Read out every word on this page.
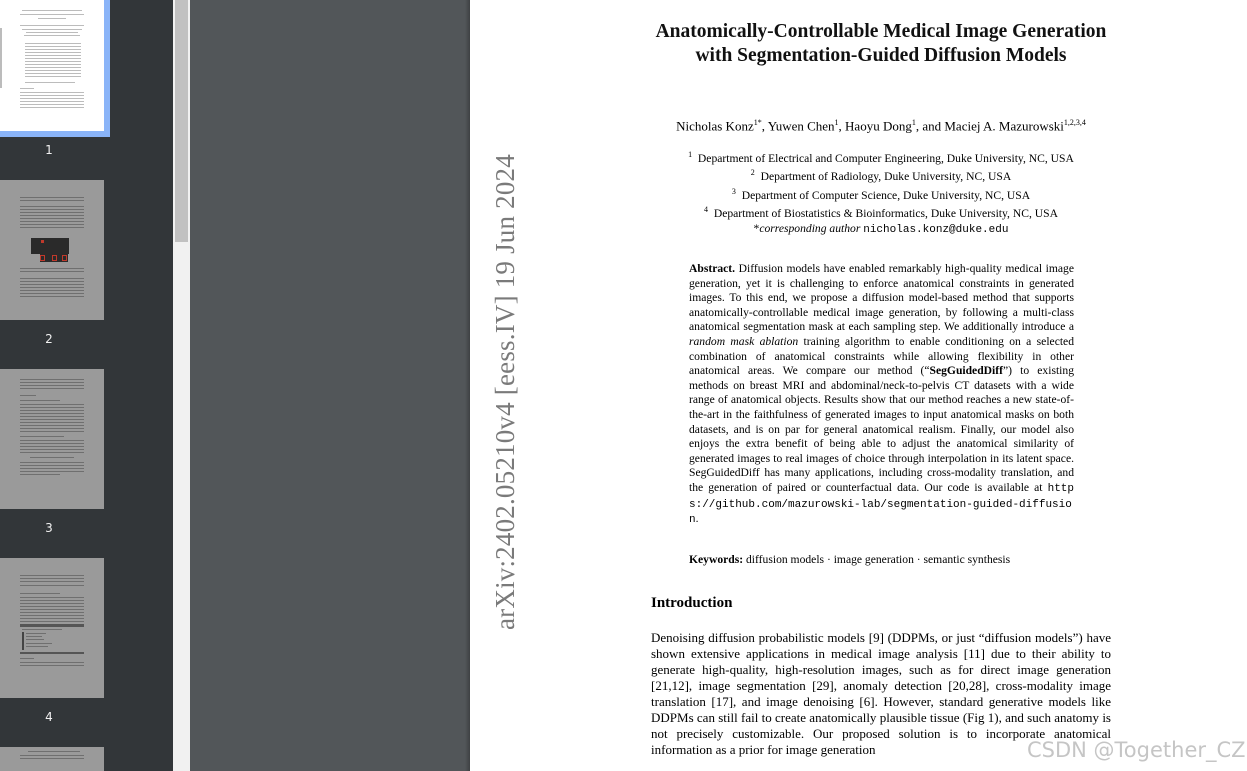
1
2
3
4
arXiv:2402.05210v4 [eess.IV] 19 Jun 2024
Anatomically-Controllable Medical Image Generation with Segmentation-Guided Diffusion Models
Nicholas Konz$^{1*}$, Yuwen Chen$^1$, Haoyu Dong$^1$, and Maciej A. Mazurowski$^{1,2,3,4}$
$^1$ Department of Electrical and Computer Engineering, Duke University, NC, USA
$^2$ Department of Radiology, Duke University, NC, USA
$^3$ Department of Computer Science, Duke University, NC, USA
$^4$ Department of Biostatistics & Bioinformatics, Duke University, NC, USA
*corresponding author nicholas.konz@duke.edu
Abstract. Diffusion models have enabled remarkably high-quality medical image generation, yet it is challenging to enforce anatomical constraints in generated images. To this end, we propose a diffusion model-based method that supports anatomically-controllable medical image generation, by following a multi-class anatomical segmentation mask at each sampling step. We additionally introduce a random mask ablation training algorithm to enable conditioning on a selected combination of anatomical constraints while allowing flexibility in other anatomical areas. We compare our method (“SegGuidedDiff”) to existing methods on breast MRI and abdominal/neck-to-pelvis CT datasets with a wide range of anatomical objects. Results show that our method reaches a new state-of-the-art in the faithfulness of generated images to input anatomical masks on both datasets, and is on par for general anatomical realism. Finally, our model also enjoys the extra benefit of being able to adjust the anatomical similarity of generated images to real images of choice through interpolation in its latent space. SegGuidedDiff has many applications, including cross-modality translation, and the generation of paired or counterfactual data. Our code is available at https://github.com/mazurowski-lab/segmentation-guided-diffusion.
Keywords: diffusion models · image generation · semantic synthesis
Introduction
Denoising diffusion probabilistic models [9] (DDPMs, or just “diffusion models”) have shown extensive applications in medical image analysis [11] due to their ability to generate high-quality, high-resolution images, such as for direct image generation [21,12], image segmentation [29], anomaly detection [20,28], cross-modality image translation [17], and image denoising [6]. However, standard generative models like DDPMs can still fail to create anatomically plausible tissue (Fig 1), and such anatomy is not precisely customizable. Our proposed solution is to incorporate anatomical information as a prior for image generation	CSDN @Together_CZ
